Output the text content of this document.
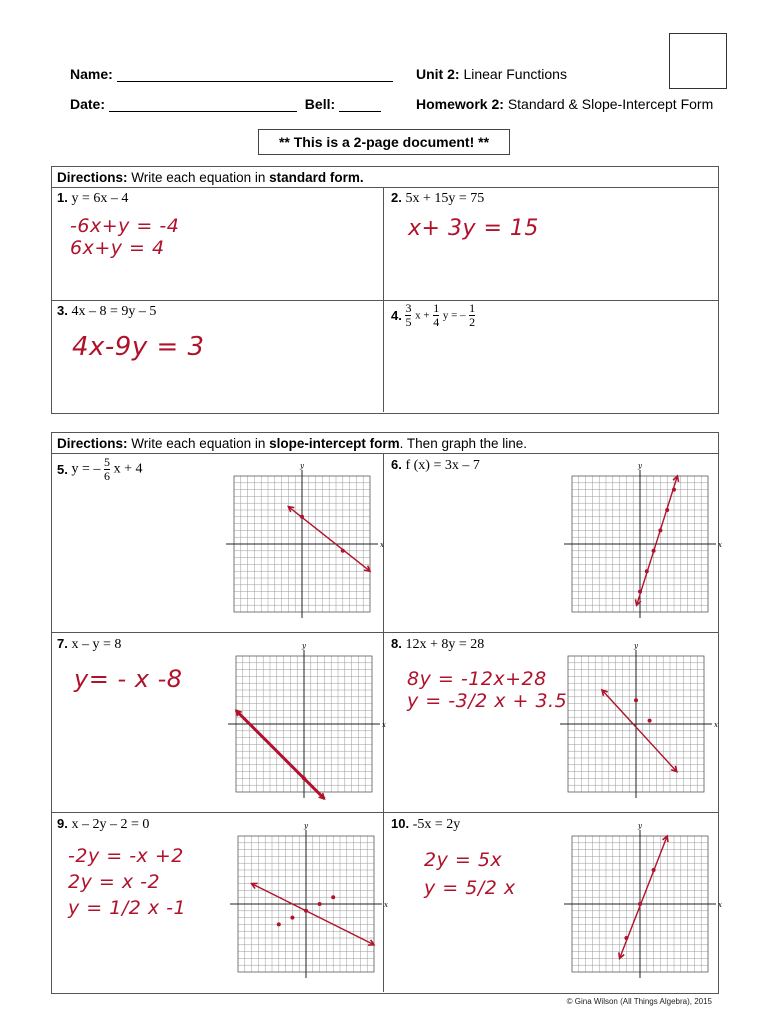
Name:
Date:	Bell:
Unit 2: Linear Functions
Homework 2: Standard & Slope-Intercept Form
** This is a 2-page document! **
Directions: Write each equation in standard form.
1. y = 6x – 4
-6x+y = -4
6x+y = 4
2. 5x + 15y = 75
x+ 3y = 15
3. 4x – 8 = 9y – 5
4x-9y = 3
4. $\frac{3}{5}$ $x + \frac{1}{4}$ y = – $\frac{1}{2}$
Directions: Write each equation in slope-intercept form. Then graph the line.
5. y = – $\frac{5}{6}$ x + 4	6. f (x) = 3x – 7
7. x – y = 8
y= - x -8
8. 12x + 8y = 28
8y = -12x+28
y = -3/2 x + 3.5
9. x – 2y – 2 = 0
-2y = -x +2
2y = x -2
y = 1/2 x -1
10. -5x = 2y
2y = 5x
y = 5/2 x
y
x
y
x
y
x
y
x
y
x
y
x
© Gina Wilson (All Things Algebra), 2015
